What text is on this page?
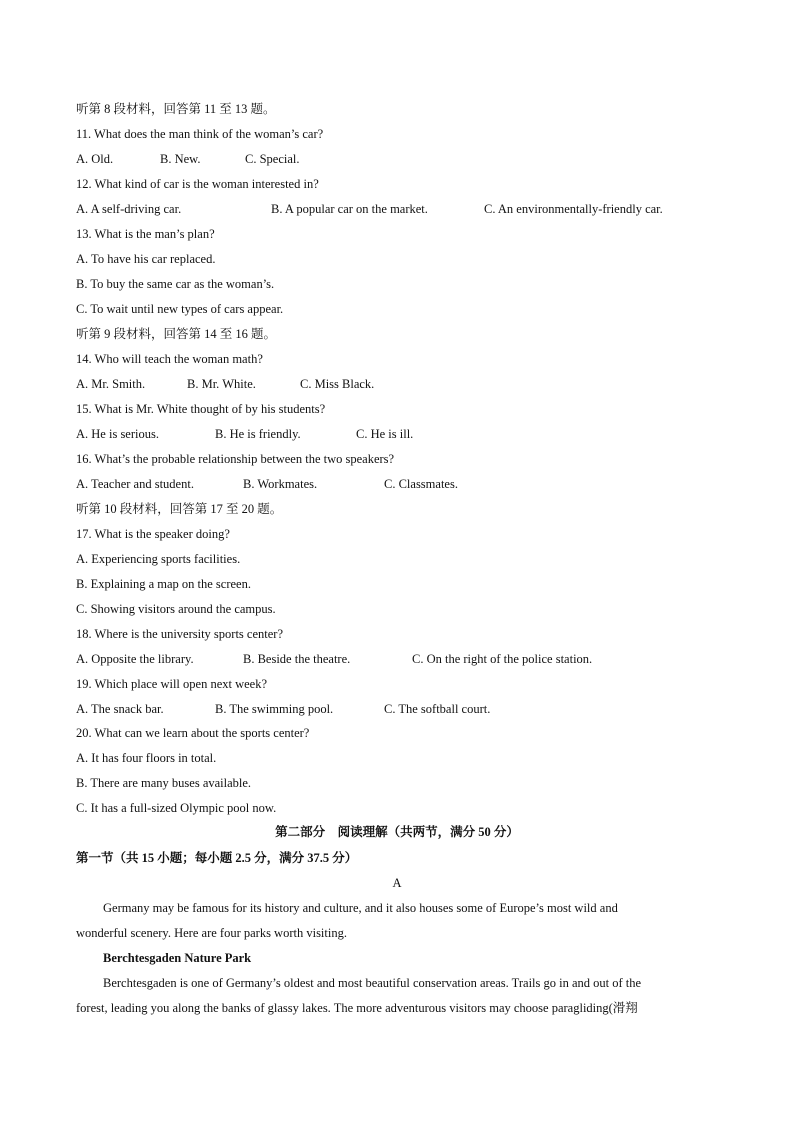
听第 8 段材料，回答第 11 至 13 题。
11. What does the man think of the woman’s car?
A. Old.	B. New.	C. Special.
12. What kind of car is the woman interested in?
A. A self-driving car.	B. A popular car on the market.	C. An environmentally-friendly car.
13. What is the man’s plan?
A. To have his car replaced.
B. To buy the same car as the woman’s.
C. To wait until new types of cars appear.
听第 9 段材料，回答第 14 至 16 题。
14. Who will teach the woman math?
A. Mr. Smith.	B. Mr. White.	C. Miss Black.
15. What is Mr. White thought of by his students?
A. He is serious.	B. He is friendly.	C. He is ill.
16. What’s the probable relationship between the two speakers?
A. Teacher and student.	B. Workmates.	C. Classmates.
听第 10 段材料，回答第 17 至 20 题。
17. What is the speaker doing?
A. Experiencing sports facilities.
B. Explaining a map on the screen.
C. Showing visitors around the campus.
18. Where is the university sports center?
A. Opposite the library.	B. Beside the theatre.	C. On the right of the police station.
19. Which place will open next week?
A. The snack bar.	B. The swimming pool.	C. The softball court.
20. What can we learn about the sports center?
A. It has four floors in total.
B. There are many buses available.
C. It has a full-sized Olympic pool now.
第二部分　阅读理解（共两节，满分 50 分）
第一节（共 15 小题；每小题 2.5 分，满分 37.5 分）
A
Germany may be famous for its history and culture, and it also houses some of Europe’s most wild and
wonderful scenery. Here are four parks worth visiting.
Berchtesgaden Nature Park
Berchtesgaden is one of Germany’s oldest and most beautiful conservation areas. Trails go in and out of the
forest, leading you along the banks of glassy lakes. The more adventurous visitors may choose paragliding(滑翔
